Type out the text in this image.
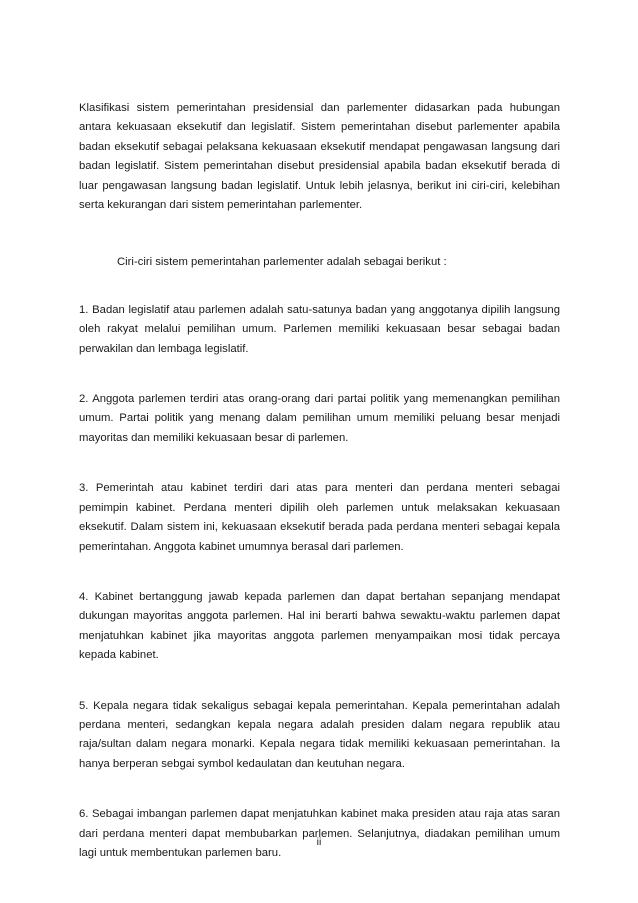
Klasifikasi sistem pemerintahan presidensial dan parlementer didasarkan pada hubungan antara kekuasaan eksekutif dan legislatif. Sistem pemerintahan disebut parlementer apabila badan eksekutif sebagai pelaksana kekuasaan eksekutif mendapat pengawasan langsung dari badan legislatif. Sistem pemerintahan disebut presidensial apabila badan eksekutif berada di luar pengawasan langsung badan legislatif. Untuk lebih jelasnya, berikut ini ciri-ciri, kelebihan serta kekurangan dari sistem pemerintahan parlementer.

Ciri-ciri sistem pemerintahan parlementer adalah sebagai berikut :

1. Badan legislatif atau parlemen adalah satu-satunya badan yang anggotanya dipilih langsung oleh rakyat melalui pemilihan umum. Parlemen memiliki kekuasaan besar sebagai badan perwakilan dan lembaga legislatif.

2. Anggota parlemen terdiri atas orang-orang dari partai politik yang memenangkan pemilihan umum. Partai politik yang menang dalam pemilihan umum memiliki peluang besar menjadi mayoritas dan memiliki kekuasaan besar di parlemen.

3. Pemerintah atau kabinet terdiri dari atas para menteri dan perdana menteri sebagai pemimpin kabinet. Perdana menteri dipilih oleh parlemen untuk melaksakan kekuasaan eksekutif. Dalam sistem ini, kekuasaan eksekutif berada pada perdana menteri sebagai kepala pemerintahan. Anggota kabinet umumnya berasal dari parlemen.

4. Kabinet bertanggung jawab kepada parlemen dan dapat bertahan sepanjang mendapat dukungan mayoritas anggota parlemen. Hal ini berarti bahwa sewaktu-waktu parlemen dapat menjatuhkan kabinet jika mayoritas anggota parlemen menyampaikan mosi tidak percaya kepada kabinet.

5. Kepala negara tidak sekaligus sebagai kepala pemerintahan. Kepala pemerintahan adalah perdana menteri, sedangkan kepala negara adalah presiden dalam negara republik atau raja/sultan dalam negara monarki. Kepala negara tidak memiliki kekuasaan pemerintahan. Ia hanya berperan sebgai symbol kedaulatan dan keutuhan negara.

6. Sebagai imbangan parlemen dapat menjatuhkan kabinet maka presiden atau raja atas saran dari perdana menteri dapat membubarkan parlemen. Selanjutnya, diadakan pemilihan umum lagi untuk membentukan parlemen baru.

ii
